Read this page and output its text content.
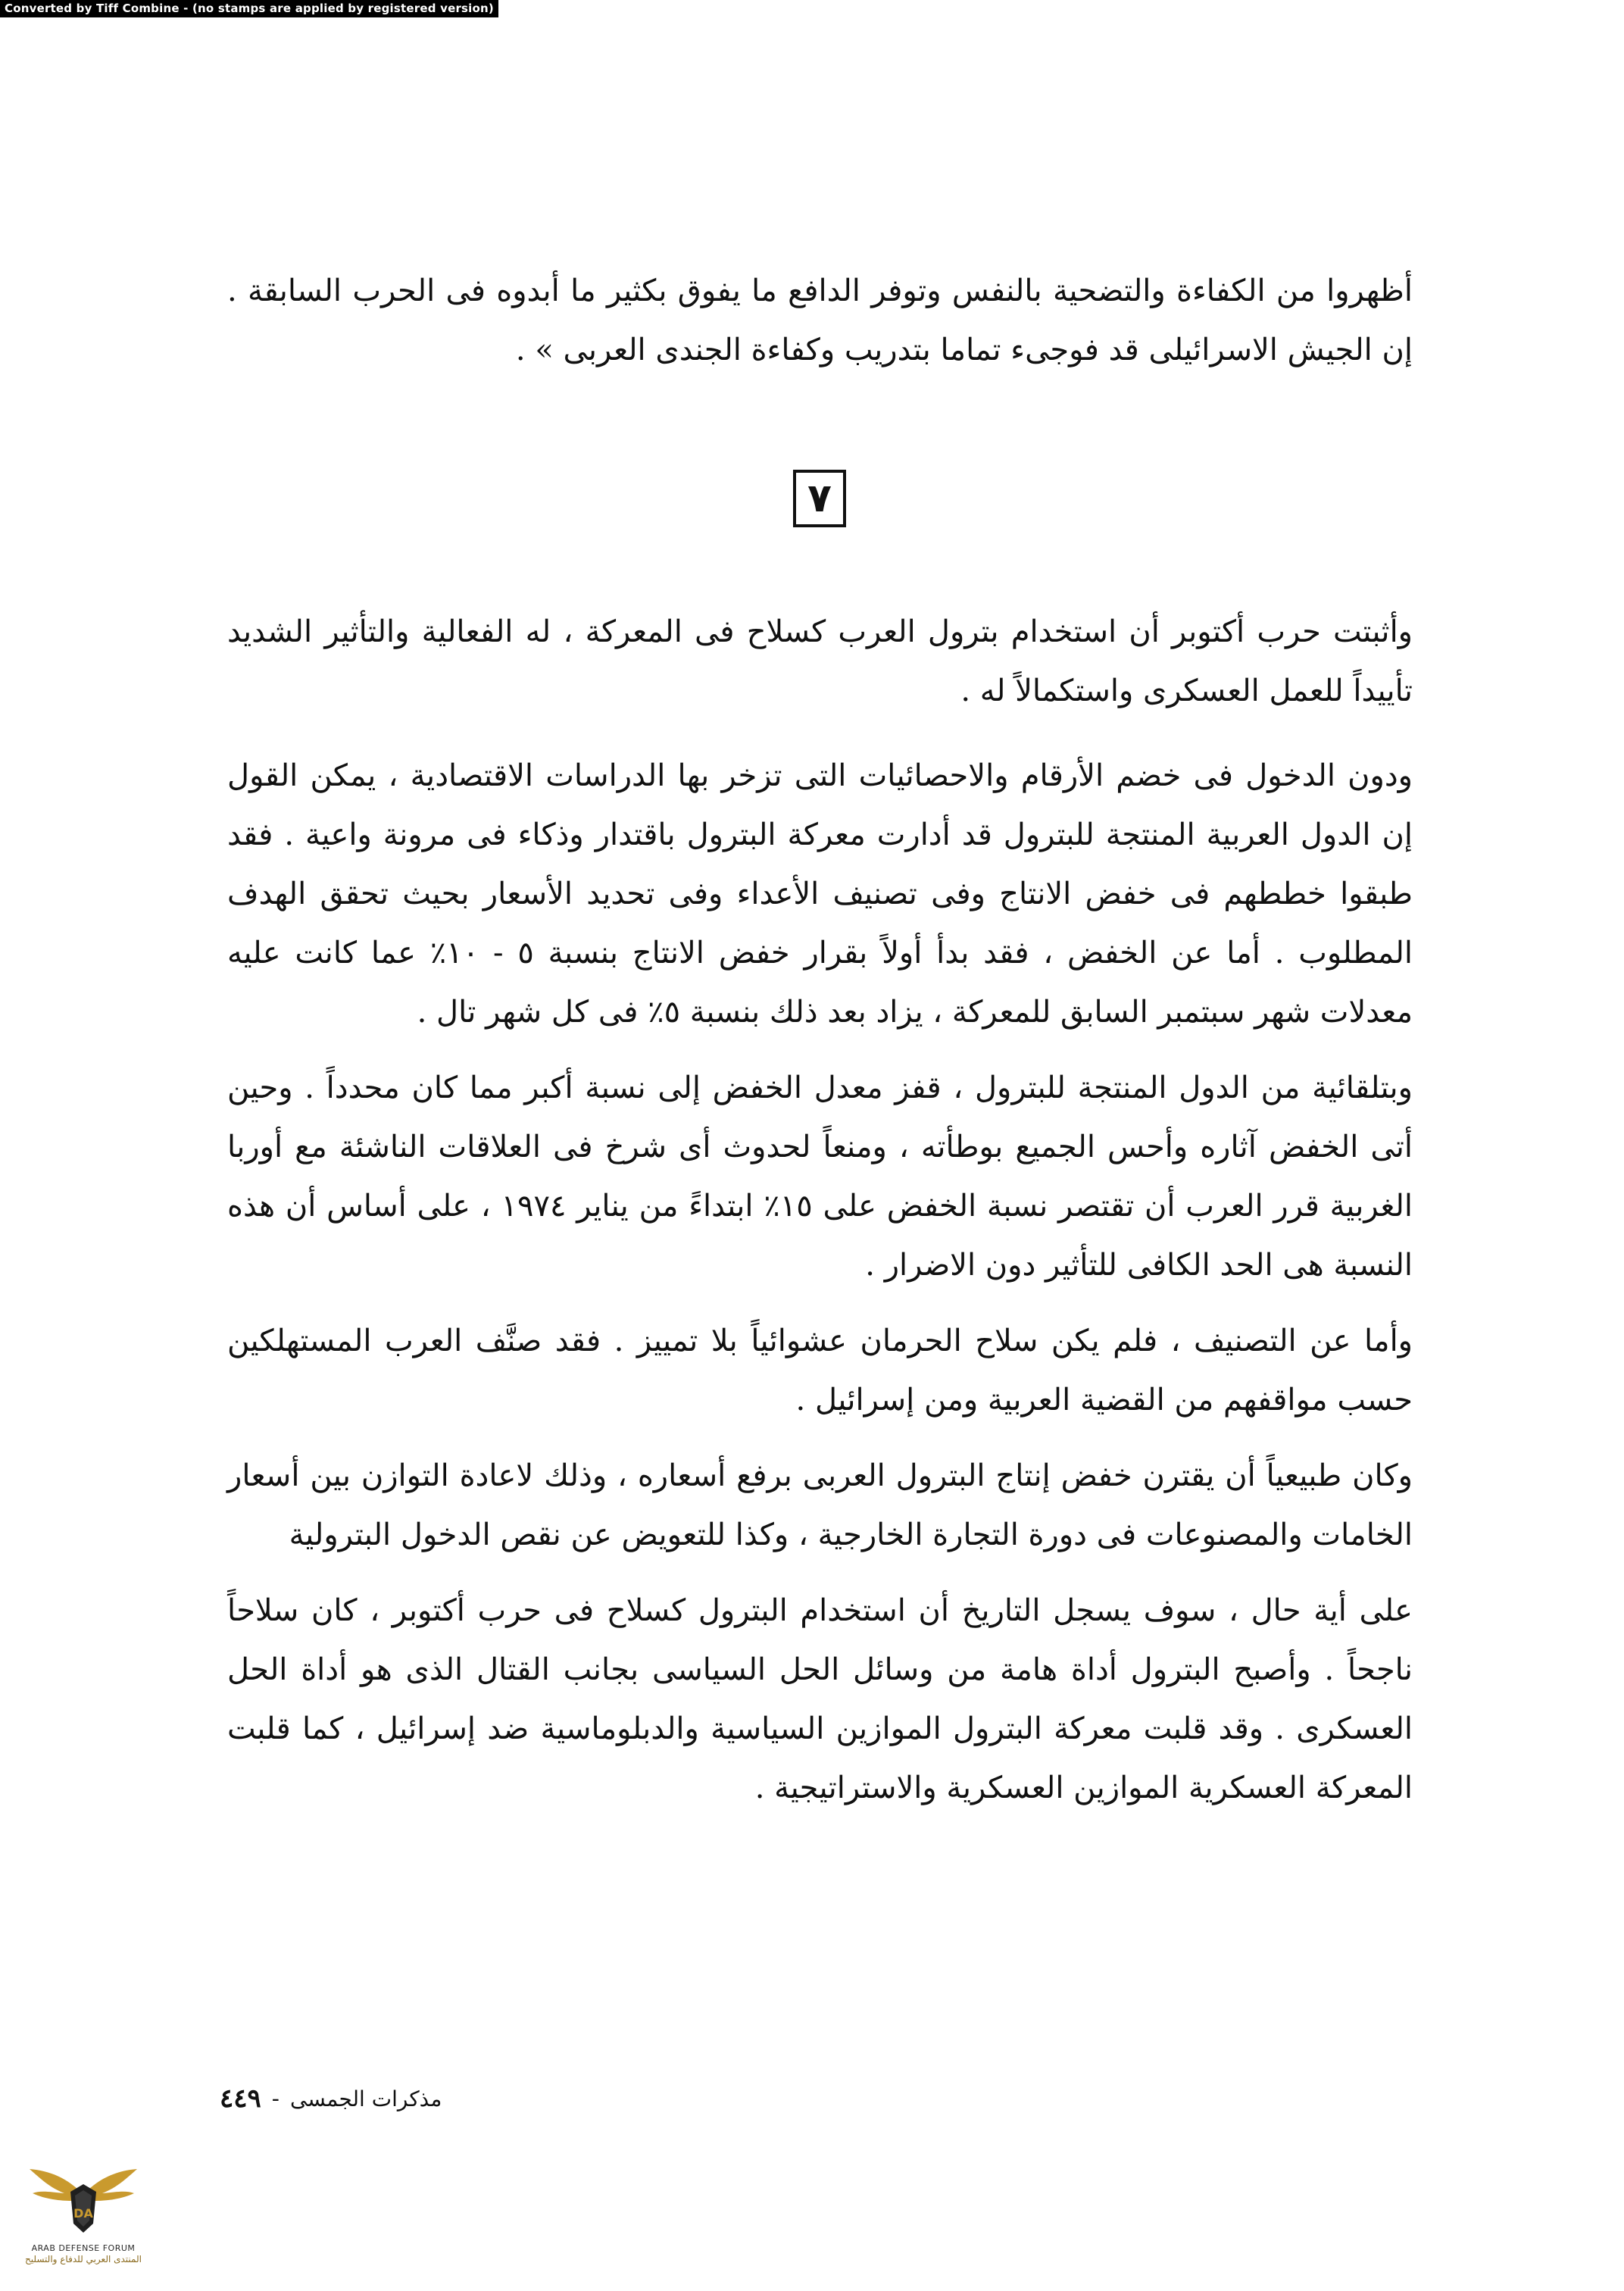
Converted by Tiff Combine - (no stamps are applied by registered version)

أظهروا من الكفاءة والتضحية بالنفس وتوفر الدافع ما يفوق بكثير ما أبدوه فى الحرب السابقة . إن الجيش الاسرائيلى قد فوجىء تماما بتدريب وكفاءة الجندى العربى » .

٧

وأثبتت حرب أكتوبر أن استخدام بترول العرب كسلاح فى المعركة ، له الفعالية والتأثير الشديد تأييداً للعمل العسكرى واستكمالاً له .

ودون الدخول فى خضم الأرقام والاحصائيات التى تزخر بها الدراسات الاقتصادية ، يمكن القول إن الدول العربية المنتجة للبترول قد أدارت معركة البترول باقتدار وذكاء فى مرونة واعية . فقد طبقوا خططهم فى خفض الانتاج وفى تصنيف الأعداء وفى تحديد الأسعار بحيث تحقق الهدف المطلوب . أما عن الخفض ، فقد بدأ أولاً بقرار خفض الانتاج بنسبة ٥ - ١٠٪ عما كانت عليه معدلات شهر سبتمبر السابق للمعركة ، يزاد بعد ذلك بنسبة ٥٪ فى كل شهر تال .

وبتلقائية من الدول المنتجة للبترول ، قفز معدل الخفض إلى نسبة أكبر مما كان محدداً . وحين أتى الخفض آثاره وأحس الجميع بوطأته ، ومنعاً لحدوث أى شرخ فى العلاقات الناشئة مع أوربا الغربية قرر العرب أن تقتصر نسبة الخفض على ١٥٪ ابتداءً من يناير ١٩٧٤ ، على أساس أن هذه النسبة هى الحد الكافى للتأثير دون الاضرار .

وأما عن التصنيف ، فلم يكن سلاح الحرمان عشوائياً بلا تمييز . فقد صنَّف العرب المستهلكين حسب مواقفهم من القضية العربية ومن إسرائيل .

وكان طبيعياً أن يقترن خفض إنتاج البترول العربى برفع أسعاره ، وذلك لاعادة التوازن بين أسعار الخامات والمصنوعات فى دورة التجارة الخارجية ، وكذا للتعويض عن نقص الدخول البترولية

على أية حال ، سوف يسجل التاريخ أن استخدام البترول كسلاح فى حرب أكتوبر ، كان سلاحاً ناجحاً . وأصبح البترول أداة هامة من وسائل الحل السياسى بجانب القتال الذى هو أداة الحل العسكرى . وقد قلبت معركة البترول الموازين السياسية والدبلوماسية ضد إسرائيل ، كما قلبت المعركة العسكرية الموازين العسكرية والاستراتيجية .

مذكرات الجمسى
-
٤٤٩
DA
ARAB DEFENSE FORUM
المنتدى العربي للدفاع والتسليح
